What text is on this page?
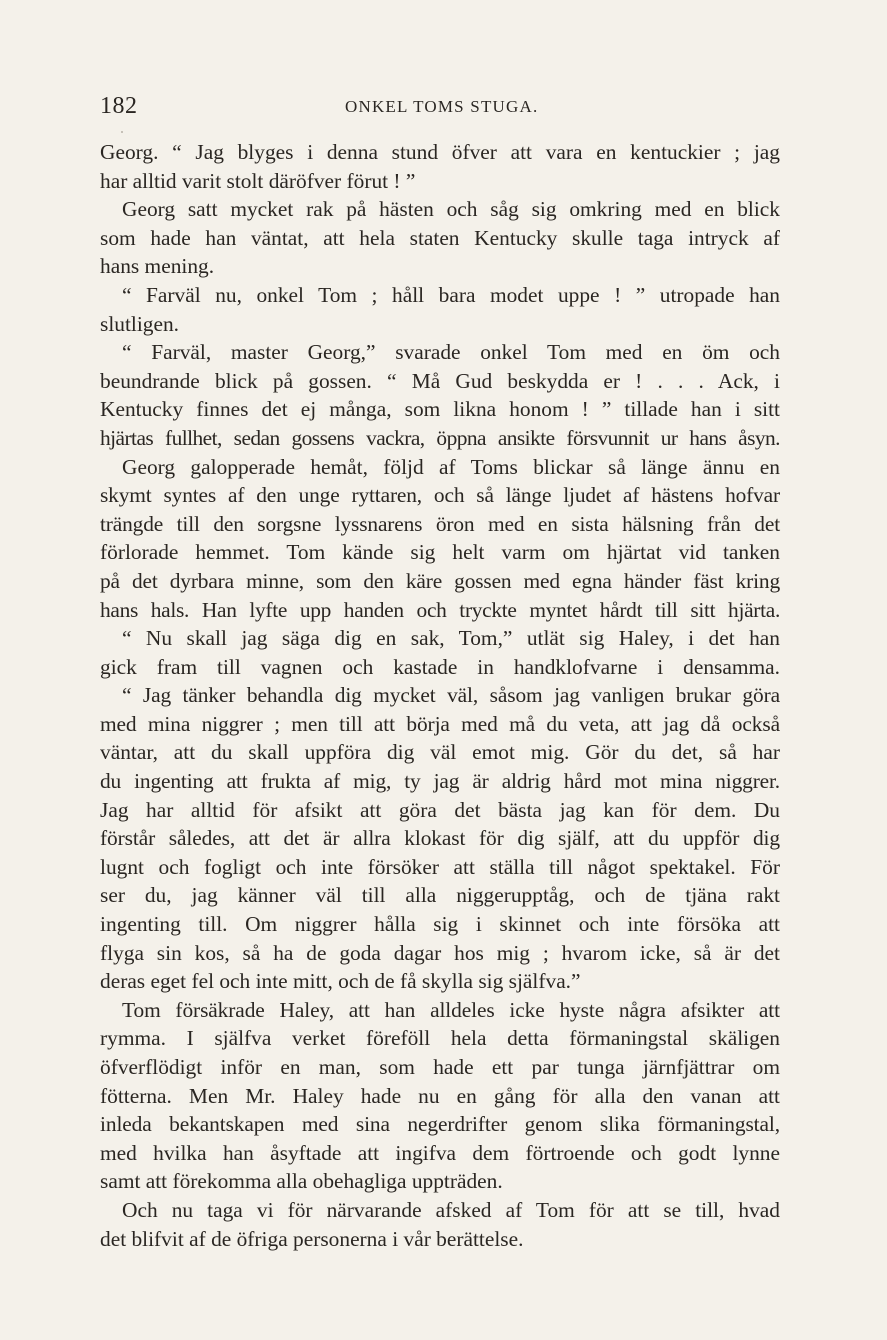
182	ONKEL TOMS STUGA.
Georg. “ Jag blyges i denna stund öfver att vara en kentuckier ; jag
har alltid varit stolt däröfver förut ! ”
Georg satt mycket rak på hästen och såg sig omkring med en blick
som hade han väntat, att hela staten Kentucky skulle taga intryck af
hans mening.
“ Farväl nu, onkel Tom ; håll bara modet uppe ! ” utropade han
slutligen.
“ Farväl, master Georg,” svarade onkel Tom med en öm och
beundrande blick på gossen. “ Må Gud beskydda er ! . . . Ack, i
Kentucky finnes det ej många, som likna honom ! ” tillade han i sitt
hjärtas fullhet, sedan gossens vackra, öppna ansikte försvunnit ur hans åsyn.
Georg galopperade hemåt, följd af Toms blickar så länge ännu en
skymt syntes af den unge ryttaren, och så länge ljudet af hästens hofvar
trängde till den sorgsne lyssnarens öron med en sista hälsning från det
förlorade hemmet. Tom kände sig helt varm om hjärtat vid tanken
på det dyrbara minne, som den käre gossen med egna händer fäst kring
hans hals. Han lyfte upp handen och tryckte myntet hårdt till sitt hjärta.
“ Nu skall jag säga dig en sak, Tom,” utlät sig Haley, i det han
gick fram till vagnen och kastade in handklofvarne i densamma.
“ Jag tänker behandla dig mycket väl, såsom jag vanligen brukar göra
med mina niggrer ; men till att börja med må du veta, att jag då också
väntar, att du skall uppföra dig väl emot mig. Gör du det, så har
du ingenting att frukta af mig, ty jag är aldrig hård mot mina niggrer.
Jag har alltid för afsikt att göra det bästa jag kan för dem. Du
förstår således, att det är allra klokast för dig själf, att du uppför dig
lugnt och fogligt och inte försöker att ställa till något spektakel. För
ser du, jag känner väl till alla niggerupptåg, och de tjäna rakt
ingenting till. Om niggrer hålla sig i skinnet och inte försöka att
flyga sin kos, så ha de goda dagar hos mig ; hvarom icke, så är det
deras eget fel och inte mitt, och de få skylla sig själfva.”
Tom försäkrade Haley, att han alldeles icke hyste några afsikter att
rymma. I själfva verket föreföll hela detta förmaningstal skäligen
öfverflödigt inför en man, som hade ett par tunga järnfjättrar om
fötterna. Men Mr. Haley hade nu en gång för alla den vanan att
inleda bekantskapen med sina negerdrifter genom slika förmaningstal,
med hvilka han åsyftade att ingifva dem förtroende och godt lynne
samt att förekomma alla obehagliga uppträden.
Och nu taga vi för närvarande afsked af Tom för att se till, hvad
det blifvit af de öfriga personerna i vår berättelse.
